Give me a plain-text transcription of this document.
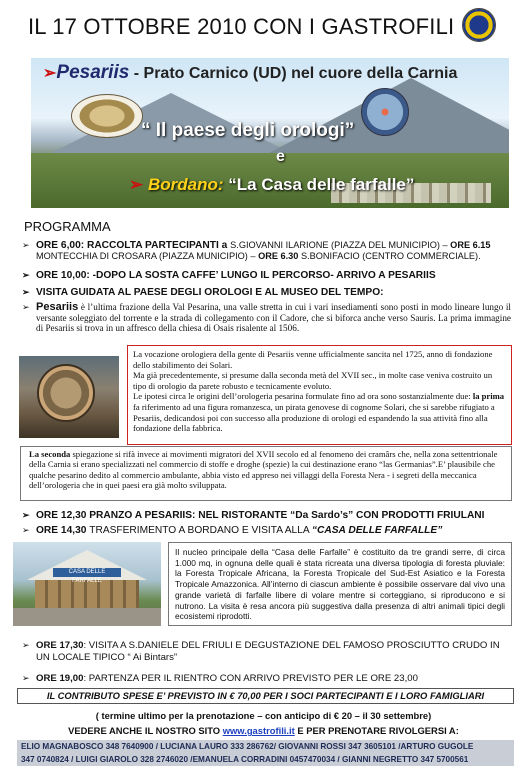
IL 17 OTTOBRE 2010 CON I GASTROFILI
➢Pesariis - Prato Carnico (UD) nel cuore della Carnia
“ Il paese degli orologi”
e
➢ Bordano: “La Casa delle farfalle”
PROGRAMMA
➢ ORE 6,00: RACCOLTA PARTECIPANTI a S.GIOVANNI ILARIONE (PIAZZA DEL MUNICIPIO) – ORE 6.15 MONTECCHIA DI CROSARA (PIAZZA MUNICIPIO) – ORE 6.30 S.BONIFACIO (CENTRO COMMERCIALE).
➢ ORE 10,00: -DOPO LA SOSTA CAFFE’ LUNGO IL PERCORSO- ARRIVO A PESARIIS
➢ VISITA GUIDATA AL PAESE DEGLI OROLOGI E AL MUSEO DEL TEMPO:
➢ Pesariis è l’ultima frazione della Val Pesarina, una valle stretta in cui i vari insediamenti sono posti in modo lineare lungo il versante soleggiato del torrente e la strada di collegamento con il Cadore, che si biforca anche verso Sauris. La prima immagine di Pesariis si trova in un affresco della chiesa di Osais risalente al 1506.
La vocazione orologiera della gente di Pesariis venne ufficialmente sancita nel 1725, anno di fondazione dello stabilimento dei Solari.
Ma già precedentemente, si presume dalla seconda metà del XVII sec., in molte case veniva costruito un tipo di orologio da parete robusto e tecnicamente evoluto.
Le ipotesi circa le origini dell’orologeria pesarina formulate fino ad ora sono sostanzialmente due: la prima fa riferimento ad una figura romanzesca, un pirata genovese di cognome Solari, che si sarebbe rifugiato a Pesariis, dedicandosi poi con successo alla produzione di orologi ed espandendo la sua attività fino alla fondazione della fabbrica.
La seconda spiegazione si rifà invece ai movimenti migratori del XVII secolo ed al fenomeno dei cramârs che, nella zona settentrionale della Carnia si erano specializzati nel commercio di stoffe e droghe (spezie) la cui destinazione erano “las Germanias”.E’ plausibile che qualche pesarino dedito al commercio ambulante, abbia visto ed appreso nei villaggi della Foresta Nera - i segreti della meccanica dell’orologeria che in quei paesi era già molto sviluppata.
➢ ORE 12,30 PRANZO A PESARIIS: NEL RISTORANTE “Da Sardo’s” CON PRODOTTI FRIULANI
➢ ORE 14,30 TRASFERIMENTO A BORDANO E VISITA ALLA “CASA DELLE FARFALLE”
CASA DELLE FARFALLE
Il nucleo principale della “Casa delle Farfalle” è costituito da tre grandi serre, di circa 1.000 mq, in ognuna delle quali è stata ricreata una diversa tipologia di foresta pluviale: la Foresta Tropicale Africana, la Foresta Tropicale del Sud-Est Asiatico e la Foresta Tropicale Amazzonica. All’interno di ciascun ambiente è possibile osservare dal vivo una grande varietà di farfalle libere di volare mentre si corteggiano, si riproducono e si nutrono. La visita è resa ancora più suggestiva dalla presenza di altri animali tipici degli ecosistemi riprodotti.
➢ ORE 17,30: VISITA A S.DANIELE DEL FRIULI E DEGUSTAZIONE DEL FAMOSO PROSCIUTTO CRUDO IN UN LOCALE TIPICO “ Ai Bintars”
➢ ORE 19,00: PARTENZA PER IL RIENTRO CON ARRIVO PREVISTO PER LE ORE 23,00
IL CONTRIBUTO SPESE E’ PREVISTO IN € 70,00 PER I SOCI PARTECIPANTI E I LORO FAMIGLIARI
( termine ultimo per la prenotazione – con anticipo di € 20 – il 30 settembre)
VEDERE ANCHE IL NOSTRO SITO www.gastrofili.it E PER PRENOTARE RIVOLGERSI A:
ELIO MAGNABOSCO 348 7640900 / LUCIANA LAURO 333 286762/ GIOVANNI ROSSI 347 3605101 /ARTURO GUGOLE
347 0740824 / LUIGI GIAROLO 328 2746020 /EMANUELA CORRADINI 0457470034 / GIANNI NEGRETTO 347 5700561
